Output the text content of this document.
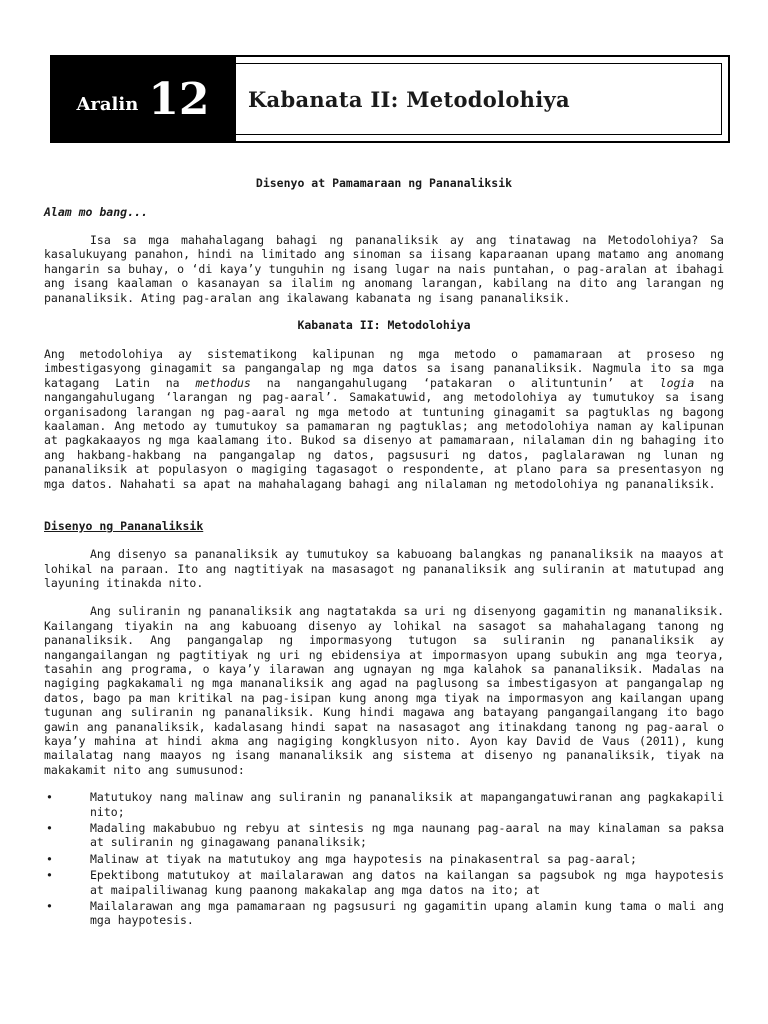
Aralin 12	Kabanata II: Metodolohiya

Disenyo at Pamamaraan ng Pananaliksik

Alam mo bang...

Isa sa mga mahahalagang bahagi ng pananaliksik ay ang tinatawag na Metodolohiya? Sa kasalukuyang panahon, hindi na limitado ang sinoman sa iisang kaparaanan upang matamo ang anomang hangarin sa buhay, o ‘di kaya’y tunguhin ng isang lugar na nais puntahan, o pag-aralan at ibahagi ang isang kaalaman o kasanayan sa ilalim ng anomang larangan, kabilang na dito ang larangan ng pananaliksik. Ating pag-aralan ang ikalawang kabanata ng isang pananaliksik.

Kabanata II: Metodolohiya

Ang metodolohiya ay sistematikong kalipunan ng mga metodo o pamamaraan at proseso ng imbestigasyong ginagamit sa pangangalap ng mga datos sa isang pananaliksik. Nagmula ito sa mga katagang Latin na methodus na nangangahulugang ‘patakaran o alituntunin’ at logia na nangangahulugang ‘larangan ng pag-aaral’. Samakatuwid, ang metodolohiya ay tumutukoy sa isang organisadong larangan ng pag-aaral ng mga metodo at tuntuning ginagamit sa pagtuklas ng bagong kaalaman. Ang metodo ay tumutukoy sa pamamaran ng pagtuklas; ang metodolohiya naman ay kalipunan at pagkakaayos ng mga kaalamang ito. Bukod sa disenyo at pamamaraan, nilalaman din ng bahaging ito ang hakbang-hakbang na pangangalap ng datos, pagsusuri ng datos, paglalarawan ng lunan ng pananaliksik at populasyon o magiging tagasagot o respondente, at plano para sa presentasyon ng mga datos. Nahahati sa apat na mahahalagang bahagi ang nilalaman ng metodolohiya ng pananaliksik.

Disenyo ng Pananaliksik

Ang disenyo sa pananaliksik ay tumutukoy sa kabuoang balangkas ng pananaliksik na maayos at lohikal na paraan. Ito ang nagtitiyak na masasagot ng pananaliksik ang suliranin at matutupad ang layuning itinakda nito.

Ang suliranin ng pananaliksik ang nagtatakda sa uri ng disenyong gagamitin ng mananaliksik. Kailangang tiyakin na ang kabuoang disenyo ay lohikal na sasagot sa mahahalagang tanong ng pananaliksik. Ang pangangalap ng impormasyong tutugon sa suliranin ng pananaliksik ay nangangailangan ng pagtitiyak ng uri ng ebidensiya at impormasyon upang subukin ang mga teorya, tasahin ang programa, o kaya’y ilarawan ang ugnayan ng mga kalahok sa pananaliksik. Madalas na nagiging pagkakamali ng mga mananaliksik ang agad na paglusong sa imbestigasyon at pangangalap ng datos, bago pa man kritikal na pag-isipan kung anong mga tiyak na impormasyon ang kailangan upang tugunan ang suliranin ng pananaliksik. Kung hindi magawa ang batayang pangangailangang ito bago gawin ang pananaliksik, kadalasang hindi sapat na nasasagot ang itinakdang tanong ng pag-aaral o kaya’y mahina at hindi akma ang nagiging kongklusyon nito. Ayon kay David de Vaus (2011), kung mailalatag nang maayos ng isang mananaliksik ang sistema at disenyo ng pananaliksik, tiyak na makakamit nito ang sumusunod:

•	Matutukoy nang malinaw ang suliranin ng pananaliksik at mapangangatuwiranan ang pagkakapili nito;
•	Madaling makabubuo ng rebyu at sintesis ng mga naunang pag-aaral na may kinalaman sa paksa at suliranin ng ginagawang pananaliksik;
•	Malinaw at tiyak na matutukoy ang mga haypotesis na pinakasentral sa pag-aaral;
•	Epektibong matutukoy at mailalarawan ang datos na kailangan sa pagsubok ng mga haypotesis at maipaliliwanag kung paanong makakalap ang mga datos na ito; at
•	Mailalarawan ang mga pamamaraan ng pagsusuri ng gagamitin upang alamin kung tama o mali ang mga haypotesis.
